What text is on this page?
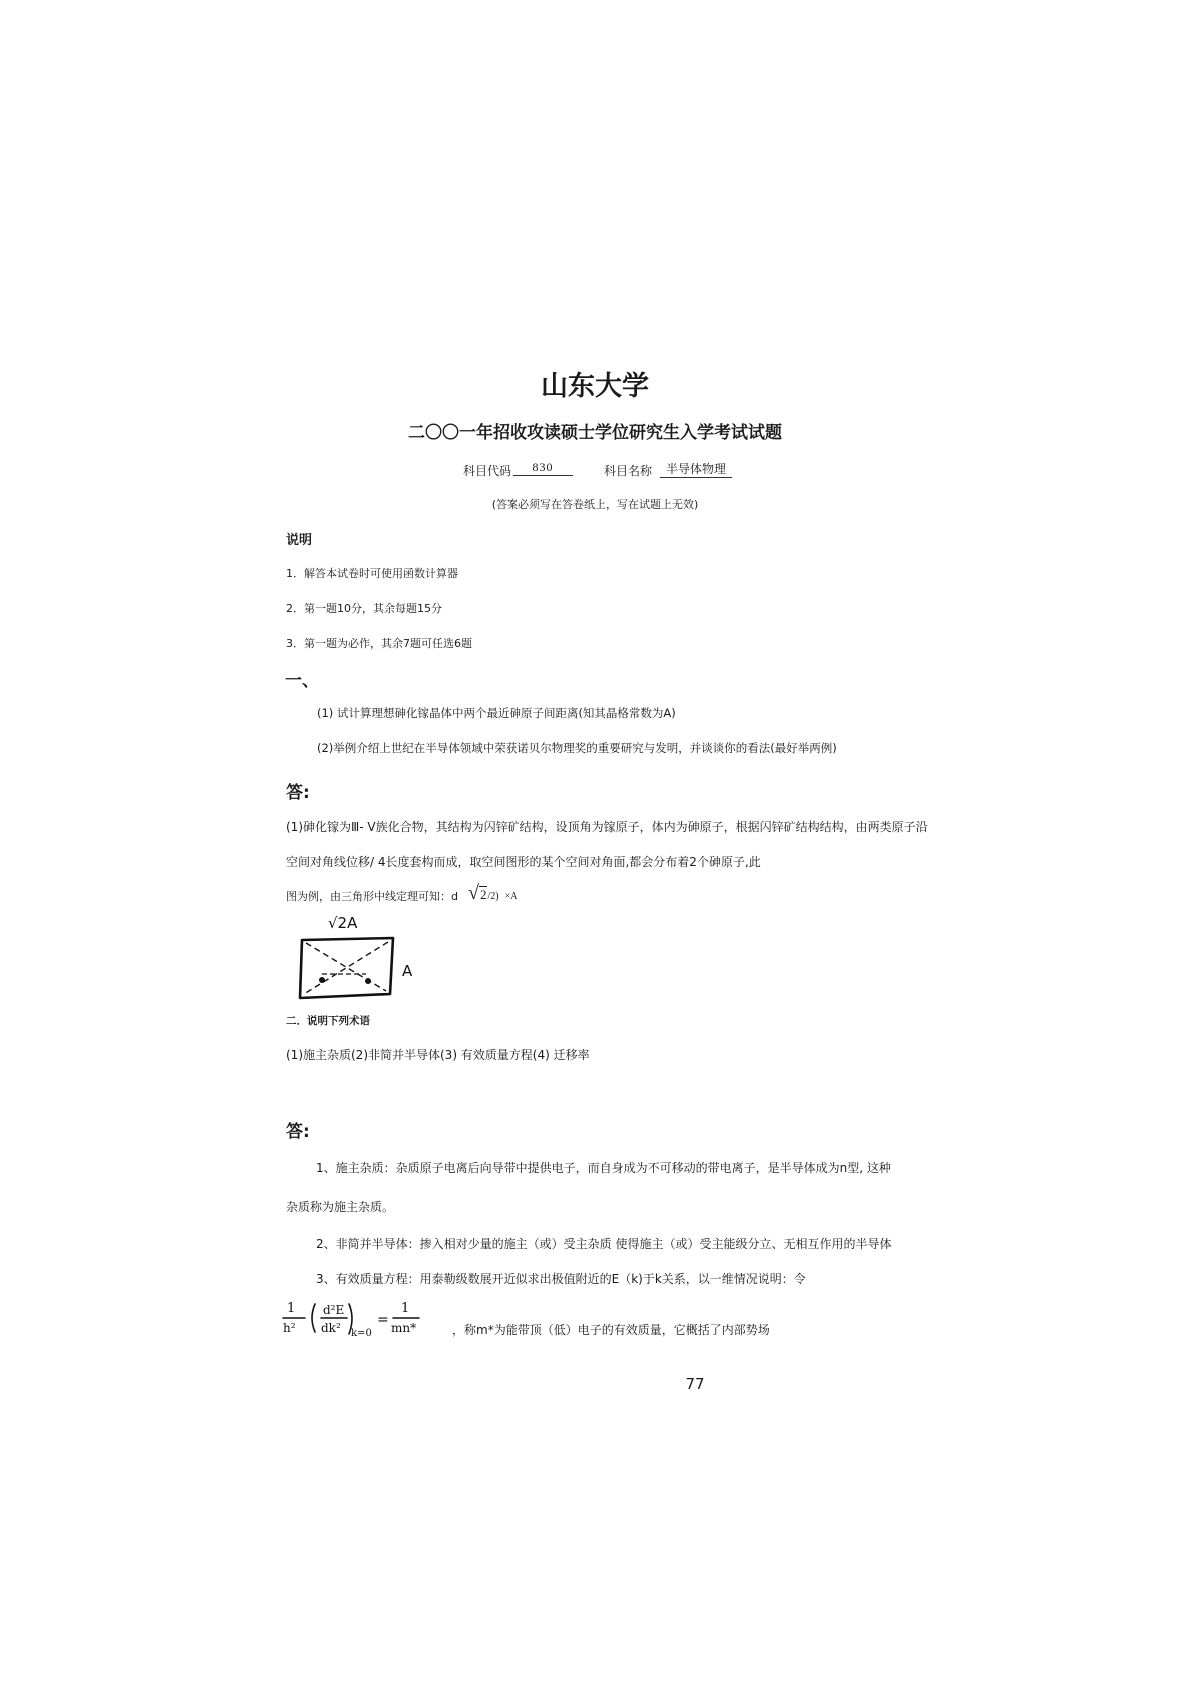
山东大学
二〇〇一年招收攻读硕士学位研究生入学考试试题
科目代码	830	科目名称	半导体物理
(答案必须写在答卷纸上，写在试题上无效)
说明
1．解答本试卷时可使用函数计算器
2．第一题10分，其余每题15分
3．第一题为必作，其余7题可任选6题
一、
(1) 试计算理想砷化镓晶体中两个最近砷原子间距离(知其晶格常数为A)
(2)举例介绍上世纪在半导体领域中荣获诺贝尔物理奖的重要研究与发明，并谈谈你的看法(最好举两例)
答:
(1)砷化镓为Ⅲ- V族化合物，其结构为闪锌矿结构，设顶角为镓原子，体内为砷原子，根据闪锌矿结构结构，由两类原子沿
空间对角线位移/ 4长度套构而成，取空间图形的某个空间对角面,都会分布着2个砷原子,此
图为例，由三角形中线定理可知：d √2/2) ×A
√2A
A
二．说明下列术语
(1)施主杂质(2)非简并半导体(3) 有效质量方程(4) 迁移率
答:
1、施主杂质：杂质原子电离后向导带中提供电子，而自身成为不可移动的带电离子，是半导体成为n型, 这种
杂质称为施主杂质。
2、非简并半导体：掺入相对少量的施主（或）受主杂质 使得施主（或）受主能级分立、无相互作用的半导体
3、有效质量方程：用泰勒级数展开近似求出极值附近的E（k)于k关系，以一维情况说明：令
1
h²
d²E
dk² k=0
=
1
mn*	，称m*为能带顶（低）电子的有效质量，它概括了内部势场
77
